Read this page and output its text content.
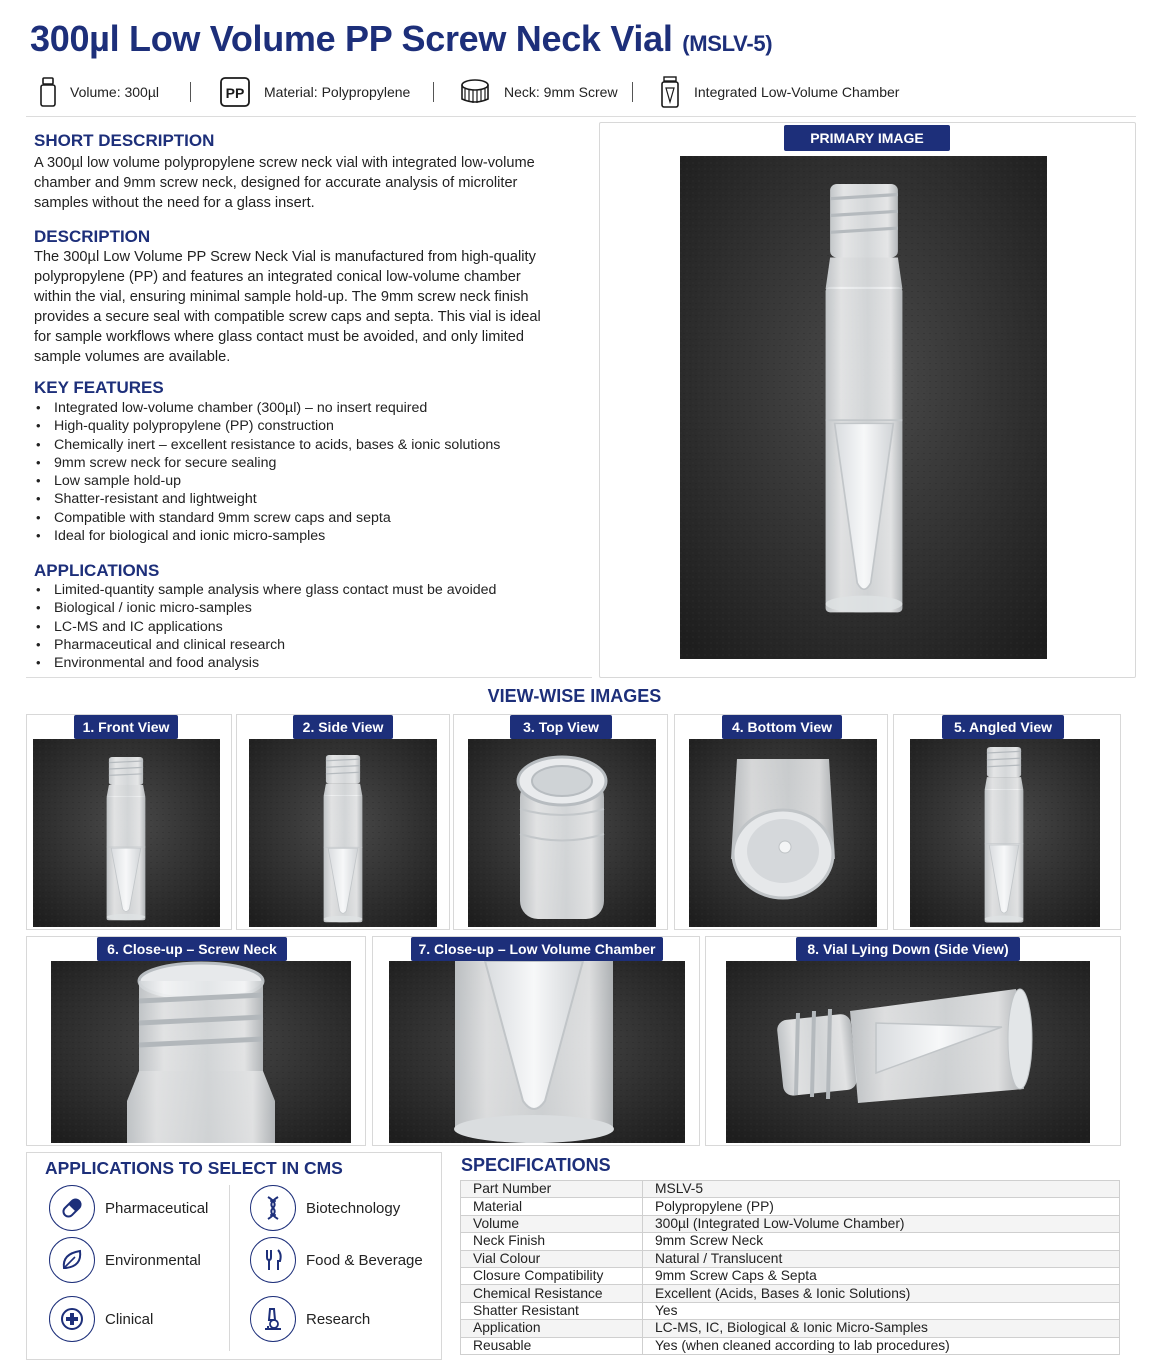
300µl Low Volume PP Screw Neck Vial (MSLV-5)
Volume: 300µl	PP Material: Polypropylene	Neck: 9mm Screw	Integrated Low-Volume Chamber
SHORT DESCRIPTION
A 300µl low volume polypropylene screw neck vial with integrated low-volume chamber and 9mm screw neck, designed for accurate analysis of microliter samples without the need for a glass insert.
DESCRIPTION
The 300µl Low Volume PP Screw Neck Vial is manufactured from high-quality polypropylene (PP) and features an integrated conical low-volume chamber within the vial, ensuring minimal sample hold-up. The 9mm screw neck finish provides a secure seal with compatible screw caps and septa. This vial is ideal for sample workflows where glass contact must be avoided, and only limited sample volumes are available.
KEY FEATURES
• Integrated low-volume chamber (300µl) – no insert required
• High-quality polypropylene (PP) construction
• Chemically inert – excellent resistance to acids, bases & ionic solutions
• 9mm screw neck for secure sealing
• Low sample hold-up
• Shatter-resistant and lightweight
• Compatible with standard 9mm screw caps and septa
• Ideal for biological and ionic micro-samples
APPLICATIONS
• Limited-quantity sample analysis where glass contact must be avoided
• Biological / ionic micro-samples
• LC-MS and IC applications
• Pharmaceutical and clinical research
• Environmental and food analysis
PRIMARY IMAGE
VIEW-WISE IMAGES
1. Front View	2. Side View	3. Top View	4. Bottom View	5. Angled View
6. Close-up – Screw Neck	7. Close-up – Low Volume Chamber	8. Vial Lying Down (Side View)
APPLICATIONS TO SELECT IN CMS
Pharmaceutical	Biotechnology
Environmental	Food & Beverage
Clinical	Research
SPECIFICATIONS
Part Number	MSLV-5
Material	Polypropylene (PP)
Volume	300µl (Integrated Low-Volume Chamber)
Neck Finish	9mm Screw Neck
Vial Colour	Natural / Translucent
Closure Compatibility	9mm Screw Caps & Septa
Chemical Resistance	Excellent (Acids, Bases & Ionic Solutions)
Shatter Resistant	Yes
Application	LC-MS, IC, Biological & Ionic Micro-Samples
Reusable	Yes (when cleaned according to lab procedures)
